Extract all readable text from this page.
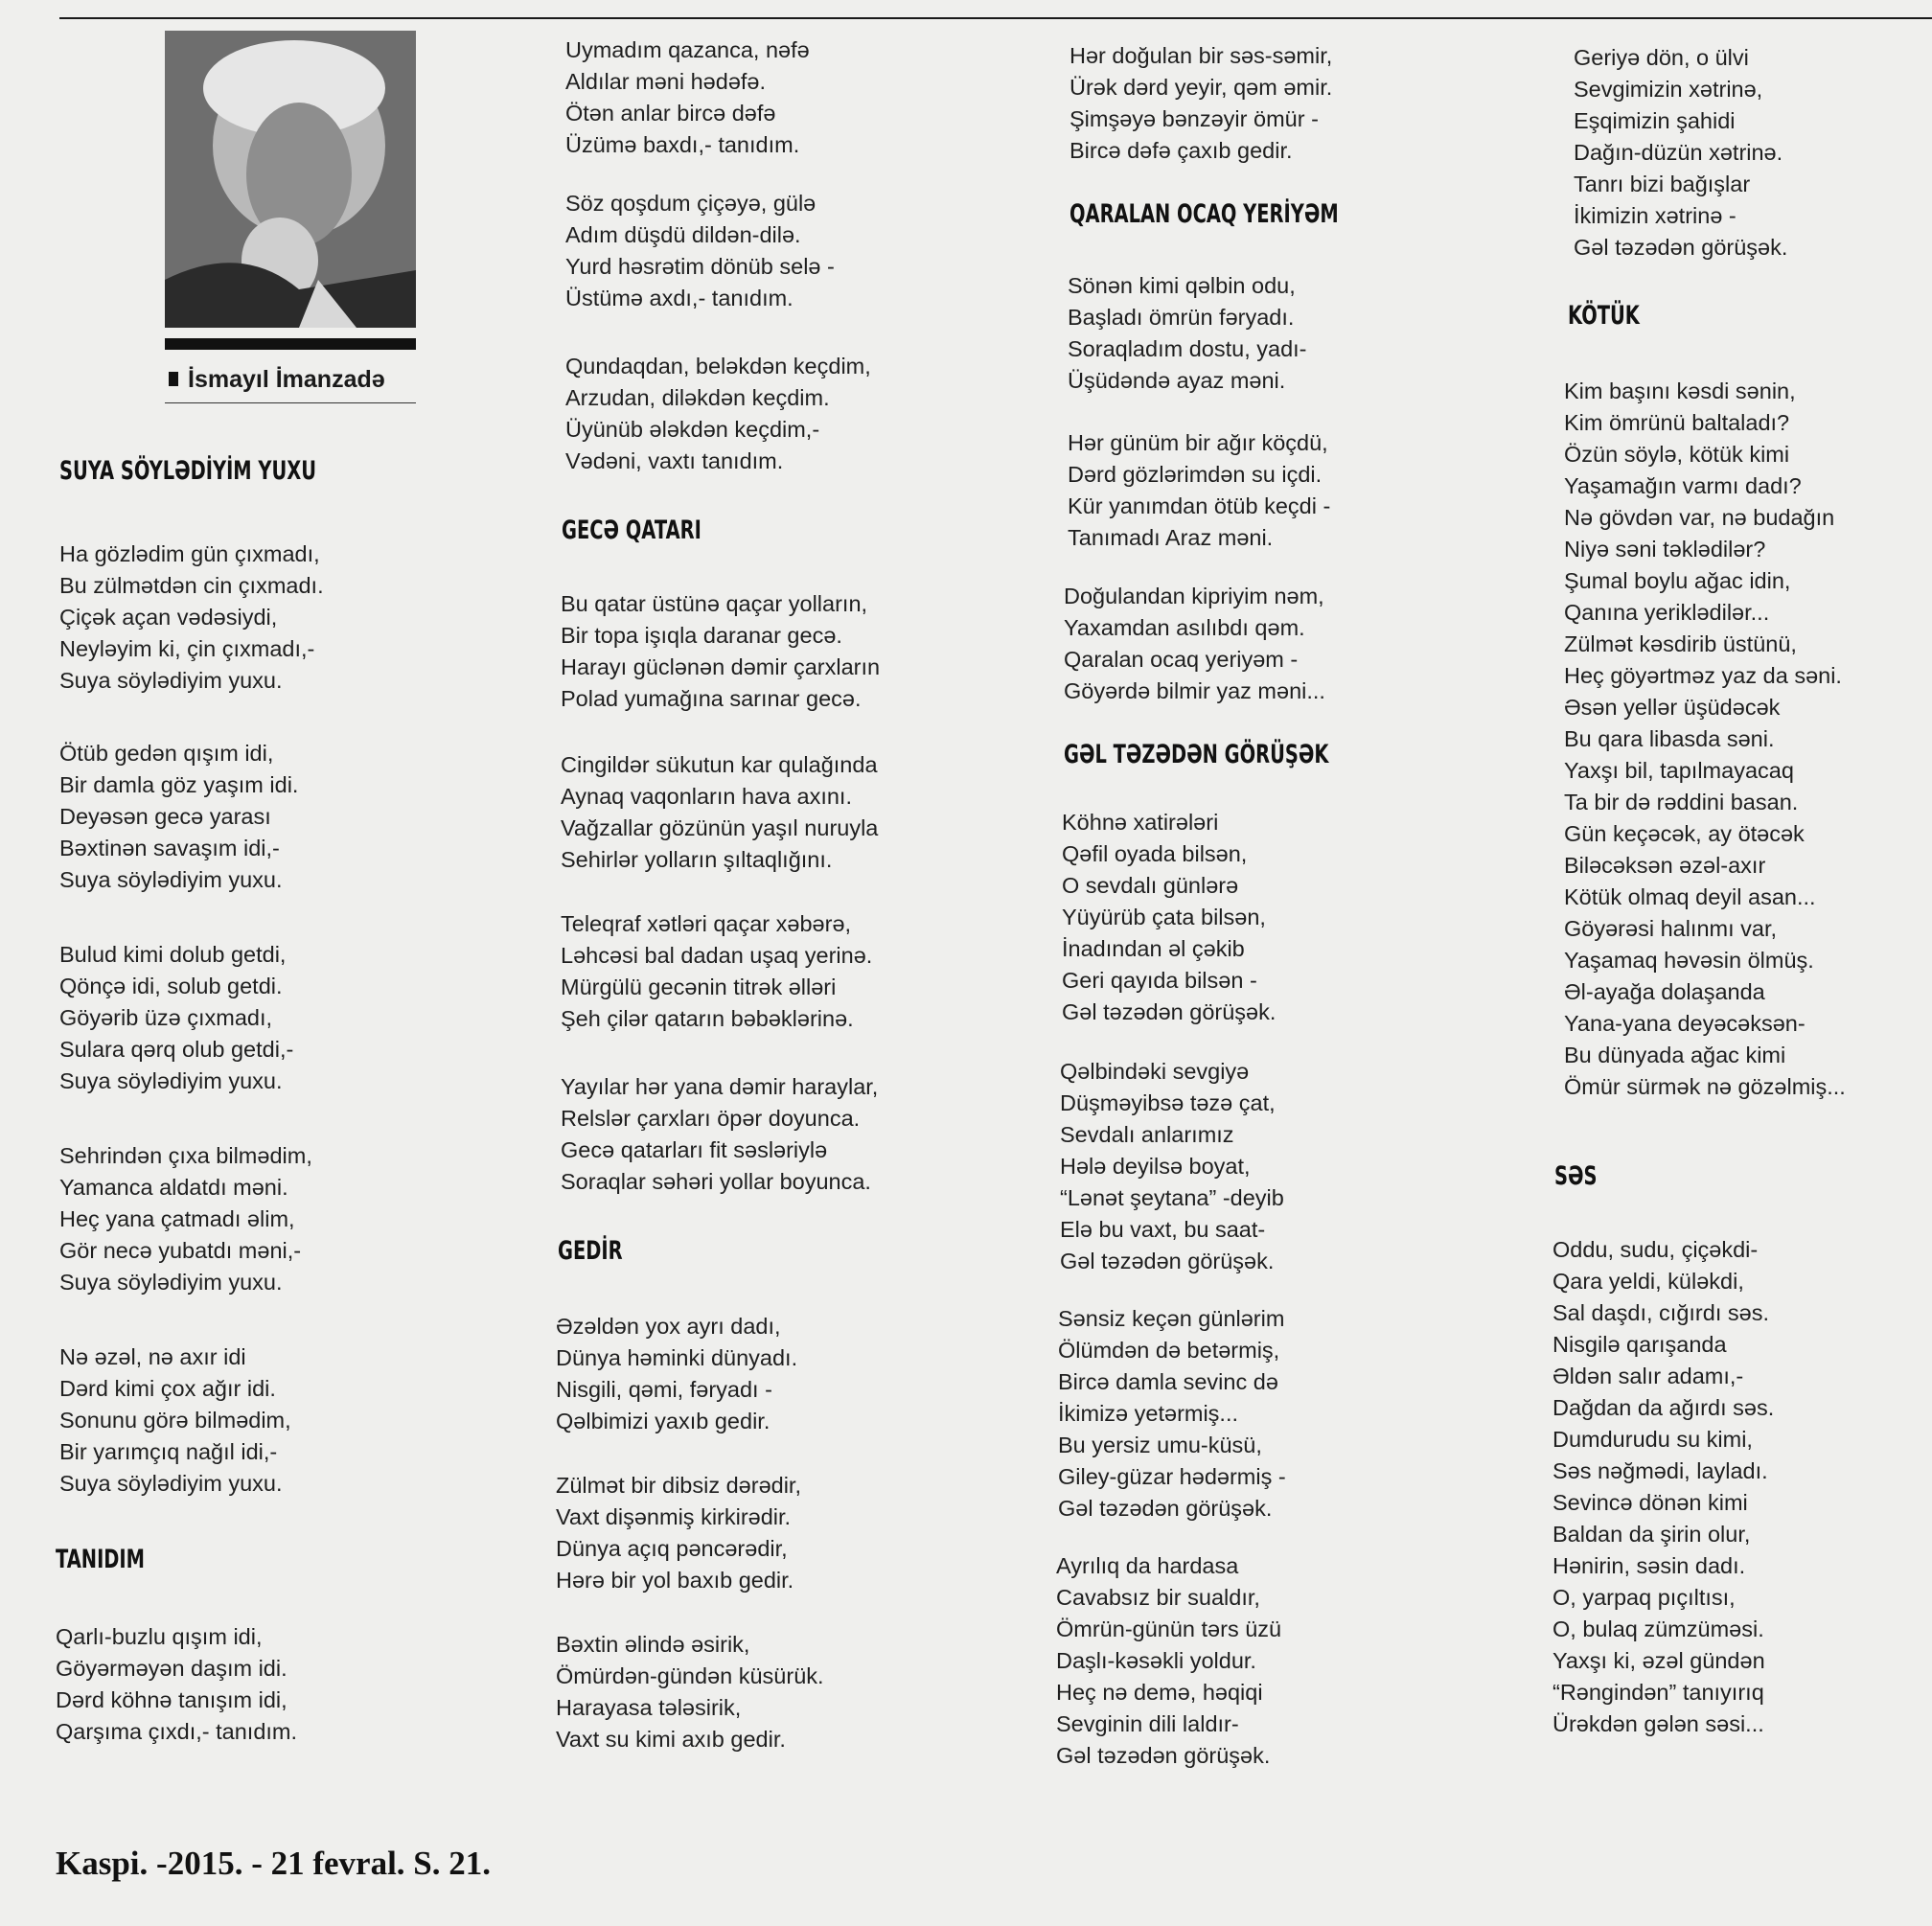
İsmayıl İmanzadə
SUYA SÖYLƏDİYİM YUXU
Ha gözlədim gün çıxmadı,
Bu zülmətdən cin çıxmadı.
Çiçək açan vədəsiydi,
Neyləyim ki, çin çıxmadı,-
Suya söylədiyim yuxu.
Ötüb gedən qışım idi,
Bir damla göz yaşım idi.
Deyəsən gecə yarası
Bəxtinən savaşım idi,-
Suya söylədiyim yuxu.
Bulud kimi dolub getdi,
Qönçə idi, solub getdi.
Göyərib üzə çıxmadı,
Sulara qərq olub getdi,-
Suya söylədiyim yuxu.
Sehrindən çıxa bilmədim,
Yamanca aldatdı məni.
Heç yana çatmadı əlim,
Gör necə yubatdı məni,-
Suya söylədiyim yuxu.
Nə əzəl, nə axır idi
Dərd kimi çox ağır idi.
Sonunu görə bilmədim,
Bir yarımçıq nağıl idi,-
Suya söylədiyim yuxu.
TANIDIM
Qarlı-buzlu qışım idi,
Göyərməyən daşım idi.
Dərd köhnə tanışım idi,
Qarşıma çıxdı,- tanıdım.
Uymadım qazanca, nəfə
Aldılar məni hədəfə.
Ötən anlar bircə dəfə
Üzümə baxdı,- tanıdım.
Söz qoşdum çiçəyə, gülə
Adım düşdü dildən-dilə.
Yurd həsrətim dönüb selə -
Üstümə axdı,- tanıdım.
Qundaqdan, beləkdən keçdim,
Arzudan, diləkdən keçdim.
Üyünüb ələkdən keçdim,-
Vədəni, vaxtı tanıdım.
GECƏ QATARI
Bu qatar üstünə qaçar yolların,
Bir topa işıqla daranar gecə.
Harayı güclənən dəmir çarxların
Polad yumağına sarınar gecə.
Cingildər sükutun kar qulağında
Aynaq vaqonların hava axını.
Vağzallar gözünün yaşıl nuruyla
Sehirlər yolların şıltaqlığını.
Teleqraf xətləri qaçar xəbərə,
Ləhcəsi bal dadan uşaq yerinə.
Mürgülü gecənin titrək əlləri
Şeh çilər qatarın bəbəklərinə.
Yayılar hər yana dəmir haraylar,
Relslər çarxları öpər doyunca.
Gecə qatarları fit səsləriylə
Soraqlar səhəri yollar boyunca.
GEDİR
Əzəldən yox ayrı dadı,
Dünya həminki dünyadı.
Nisgili, qəmi, fəryadı -
Qəlbimizi yaxıb gedir.
Zülmət bir dibsiz dərədir,
Vaxt dişənmiş kirkirədir.
Dünya açıq pəncərədir,
Hərə bir yol baxıb gedir.
Bəxtin əlində əsirik,
Ömürdən-gündən küsürük.
Harayasa tələsirik,
Vaxt su kimi axıb gedir.
Hər doğulan bir səs-səmir,
Ürək dərd yeyir, qəm əmir.
Şimşəyə bənzəyir ömür -
Bircə dəfə çaxıb gedir.
QARALAN OCAQ YERİYƏM
Sönən kimi qəlbin odu,
Başladı ömrün fəryadı.
Soraqladım dostu, yadı-
Üşüdəndə ayaz məni.
Hər günüm bir ağır köçdü,
Dərd gözlərimdən su içdi.
Kür yanımdan ötüb keçdi -
Tanımadı Araz məni.
Doğulandan kipriyim nəm,
Yaxamdan asılıbdı qəm.
Qaralan ocaq yeriyəm -
Göyərdə bilmir yaz məni...
GƏL TƏZƏDƏN GÖRÜŞƏK
Köhnə xatirələri
Qəfil oyada bilsən,
O sevdalı günlərə
Yüyürüb çata bilsən,
İnadından əl çəkib
Geri qayıda bilsən -
Gəl təzədən görüşək.
Qəlbindəki sevgiyə
Düşməyibsə təzə çat,
Sevdalı anlarımız
Hələ deyilsə boyat,
“Lənət şeytana” -deyib
Elə bu vaxt, bu saat-
Gəl təzədən görüşək.
Sənsiz keçən günlərim
Ölümdən də betərmiş,
Bircə damla sevinc də
İkimizə yetərmiş...
Bu yersiz umu-küsü,
Giley-güzar hədərmiş -
Gəl təzədən görüşək.
Ayrılıq da hardasa
Cavabsız bir sualdır,
Ömrün-günün tərs üzü
Daşlı-kəsəkli yoldur.
Heç nə demə, həqiqi
Sevginin dili laldır-
Gəl təzədən görüşək.
Geriyə dön, o ülvi
Sevgimizin xətrinə,
Eşqimizin şahidi
Dağın-düzün xətrinə.
Tanrı bizi bağışlar
İkimizin xətrinə -
Gəl təzədən görüşək.
KÖTÜK
Kim başını kəsdi sənin,
Kim ömrünü baltaladı?
Özün söylə, kötük kimi
Yaşamağın varmı dadı?
Nə gövdən var, nə budağın
Niyə səni təklədilər?
Şumal boylu ağac idin,
Qanına yeriklədilər...
Zülmət kəsdirib üstünü,
Heç göyərtməz yaz da səni.
Əsən yellər üşüdəcək
Bu qara libasda səni.
Yaxşı bil, tapılmayacaq
Ta bir də rəddini basan.
Gün keçəcək, ay ötəcək
Biləcəksən əzəl-axır
Kötük olmaq deyil asan...
Göyərəsi halınmı var,
Yaşamaq həvəsin ölmüş.
Əl-ayağa dolaşanda
Yana-yana deyəcəksən-
Bu dünyada ağac kimi
Ömür sürmək nə gözəlmiş...
SƏS
Oddu, sudu, çiçəkdi-
Qara yeldi, küləkdi,
Sal daşdı, cığırdı səs.
Nisgilə qarışanda
Əldən salır adamı,-
Dağdan da ağırdı səs.
Dumdurudu su kimi,
Səs nəğmədi, layladı.
Sevincə dönən kimi
Baldan da şirin olur,
Hənirin, səsin dadı.
O, yarpaq pıçıltısı,
O, bulaq zümzüməsi.
Yaxşı ki, əzəl gündən
“Rəngindən” tanıyırıq
Ürəkdən gələn səsi...
Kaspi. -2015. - 21 fevral. S. 21.
